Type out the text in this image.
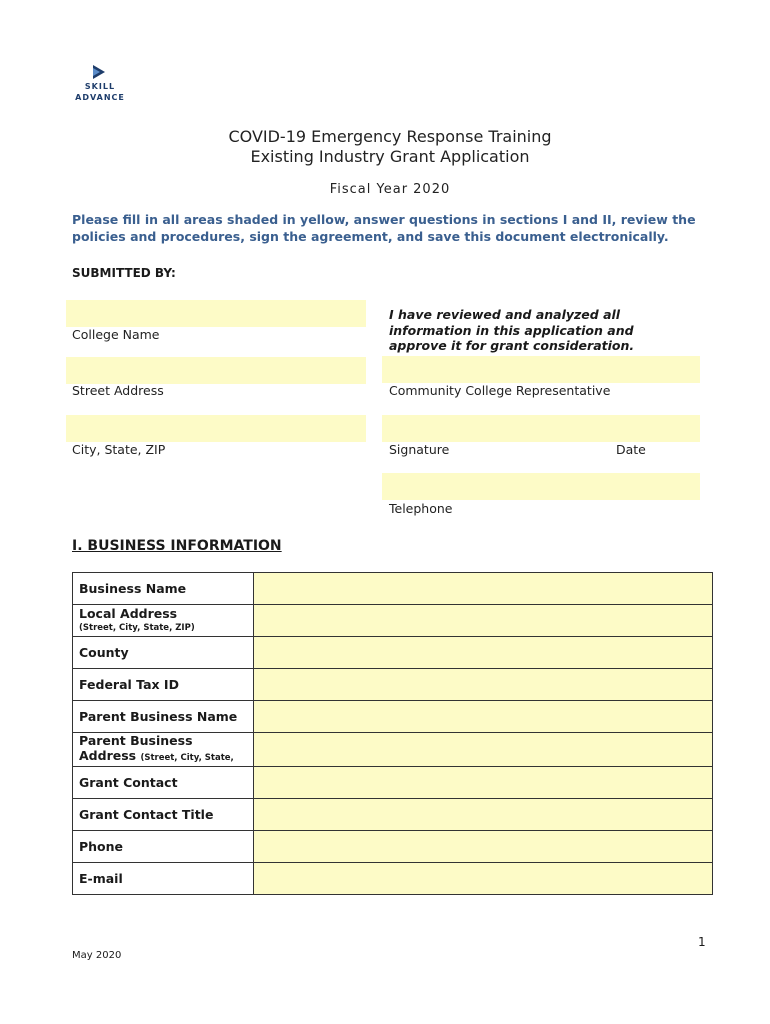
SKILL
ADVANCE
COVID-19 Emergency Response Training
Existing Industry Grant Application
Fiscal Year 2020
Please fill in all areas shaded in yellow, answer questions in sections I and II, review the policies and procedures, sign the agreement, and save this document electronically.
SUBMITTED BY:
College Name
Street Address
City, State, ZIP
I have reviewed and analyzed all information in this application and approve it for grant consideration.
Community College Representative
Signature	Date
Telephone
I. BUSINESS INFORMATION
Business Name	

Local Address
(Street, City, State, ZIP)	

County	
Federal Tax ID	
Parent Business Name	
Parent Business Address (Street, City, State,	
Grant Contact	
Grant Contact Title	
Phone	
E-mail	
1
May 2020
